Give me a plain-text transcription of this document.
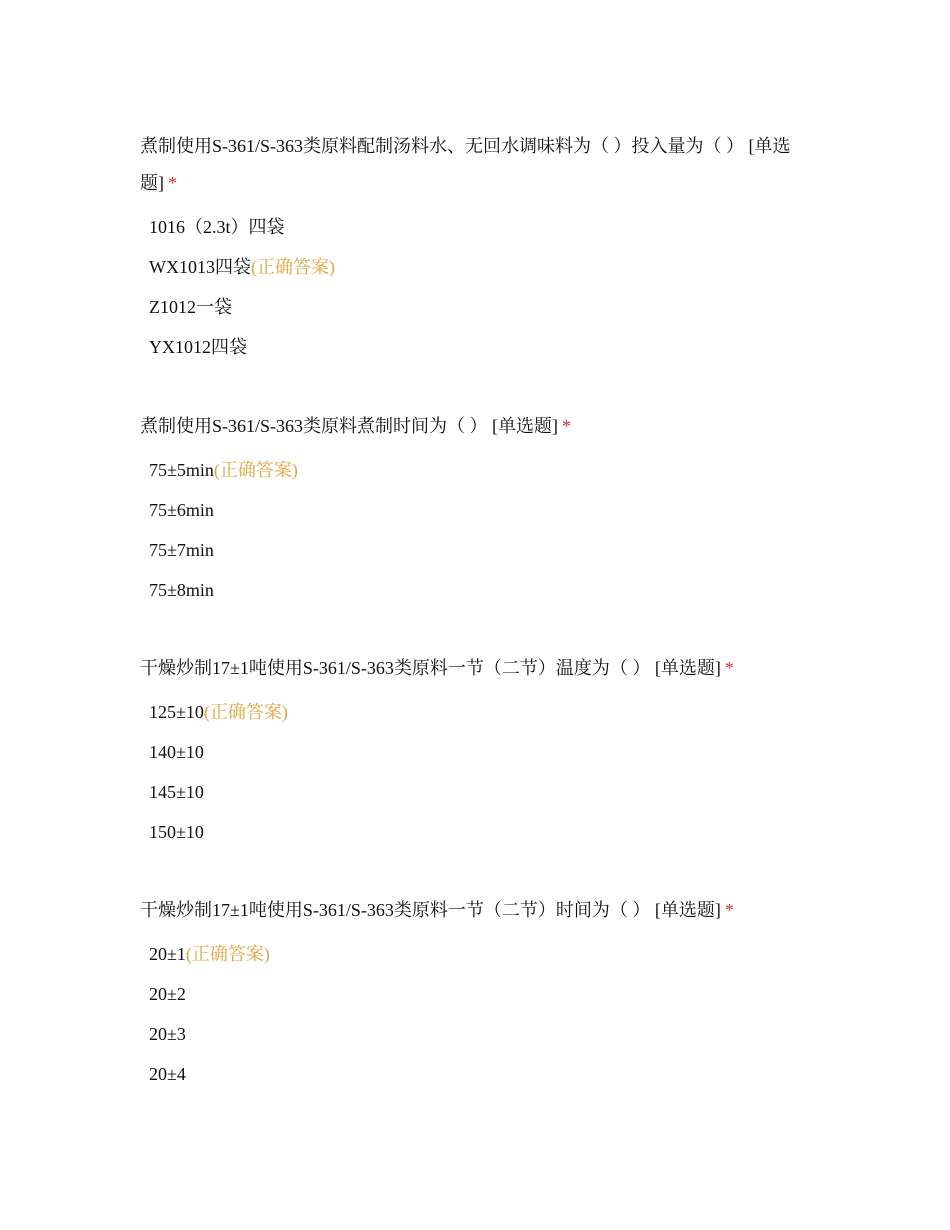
煮制使用S-361/S-363类原料配制汤料水、无回水调味料为（ ）投入量为（ ） [单选题] *

1016（2.3t）四袋
WX1013四袋(正确答案)
Z1012一袋
YX1012四袋

煮制使用S-361/S-363类原料煮制时间为（ ） [单选题] *

75±5min(正确答案)
75±6min
75±7min
75±8min

干燥炒制17±1吨使用S-361/S-363类原料一节（二节）温度为（ ） [单选题] *

125±10(正确答案)
140±10
145±10
150±10

干燥炒制17±1吨使用S-361/S-363类原料一节（二节）时间为（ ） [单选题] *

20±1(正确答案)
20±2
20±3
20±4
